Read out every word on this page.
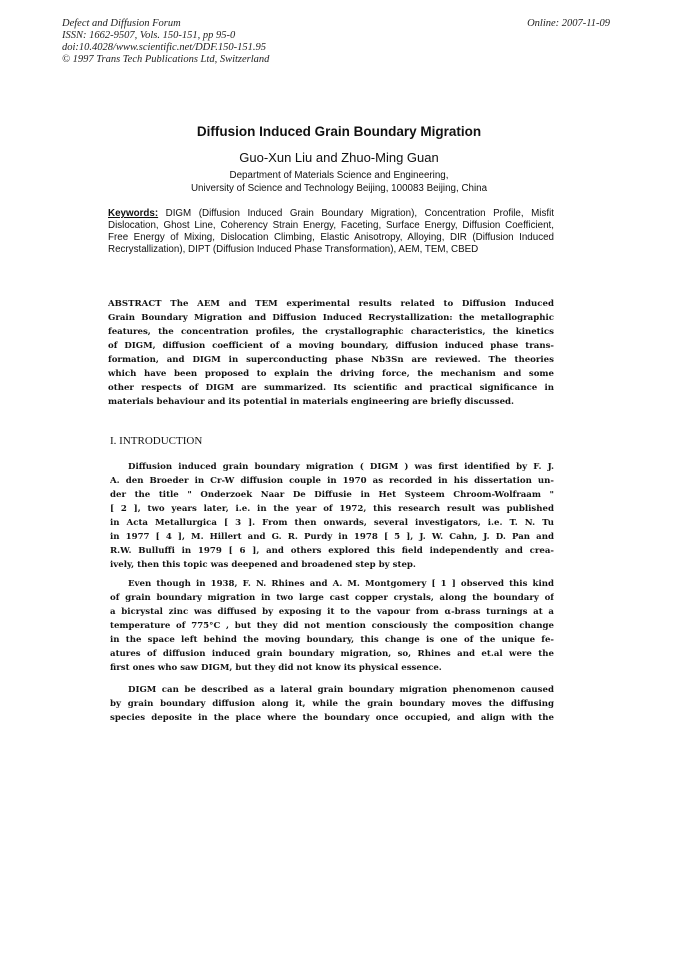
Defect and Diffusion Forum
ISSN: 1662-9507, Vols. 150-151, pp 95-0
doi:10.4028/www.scientific.net/DDF.150-151.95
© 1997 Trans Tech Publications Ltd, Switzerland
Online: 2007-11-09
Diffusion Induced Grain Boundary Migration
Guo-Xun Liu and Zhuo-Ming Guan
Department of Materials Science and Engineering,
University of Science and Technology Beijing, 100083 Beijing, China
Keywords: DIGM (Diffusion Induced Grain Boundary Migration), Concentration Profile, Misfit Dislocation, Ghost Line, Coherency Strain Energy, Faceting, Surface Energy, Diffusion Coefficient, Free Energy of Mixing, Dislocation Climbing, Elastic Anisotropy, Alloying, DIR (Diffusion Induced Recrystallization), DIPT (Diffusion Induced Phase Transformation), AEM, TEM, CBED
ABSTRACT The AEM and TEM experimental results related to Diffusion Induced
Grain Boundary Migration and Diffusion Induced Recrystallization: the metallographic
features, the concentration profiles, the crystallographic characteristics, the kinetics
of DIGM, diffusion coefficient of a moving boundary, diffusion induced phase trans-
formation, and DIGM in superconducting phase Nb3Sn are reviewed. The theories
which have been proposed to explain the driving force, the mechanism and some
other respects of DIGM are summarized. Its scientific and practical significance in
materials behaviour and its potential in materials engineering are briefly discussed.
I. INTRODUCTION
Diffusion induced grain boundary migration ( DIGM ) was first identified by F. J.
A. den Broeder in Cr-W diffusion couple in 1970 as recorded in his dissertation un-
der the title " Onderzoek Naar De Diffusie in Het Systeem Chroom-Wolfraam "
[ 2 ], two years later, i.e. in the year of 1972, this research result was published
in Acta Metallurgica [ 3 ]. From then onwards, several investigators, i.e. T. N. Tu
in 1977 [ 4 ], M. Hillert and G. R. Purdy in 1978 [ 5 ], J. W. Cahn, J. D. Pan and
R.W. Bulluffi in 1979 [ 6 ], and others explored this field independently and crea-
ively, then this topic was deepened and broadened step by step.
Even though in 1938, F. N. Rhines and A. M. Montgomery [ 1 ] observed this kind
of grain boundary migration in two large cast copper crystals, along the boundary of
a bicrystal zinc was diffused by exposing it to the vapour from α-brass turnings at a
temperature of 775°C , but they did not mention consciously the composition change
in the space left behind the moving boundary, this change is one of the unique fe-
atures of diffusion induced grain boundary migration, so, Rhines and et.al were the
first ones who saw DIGM, but they did not know its physical essence.
DIGM can be described as a lateral grain boundary migration phenomenon caused
by grain boundary diffusion along it, while the grain boundary moves the diffusing
species deposite in the place where the boundary once occupied, and align with the
